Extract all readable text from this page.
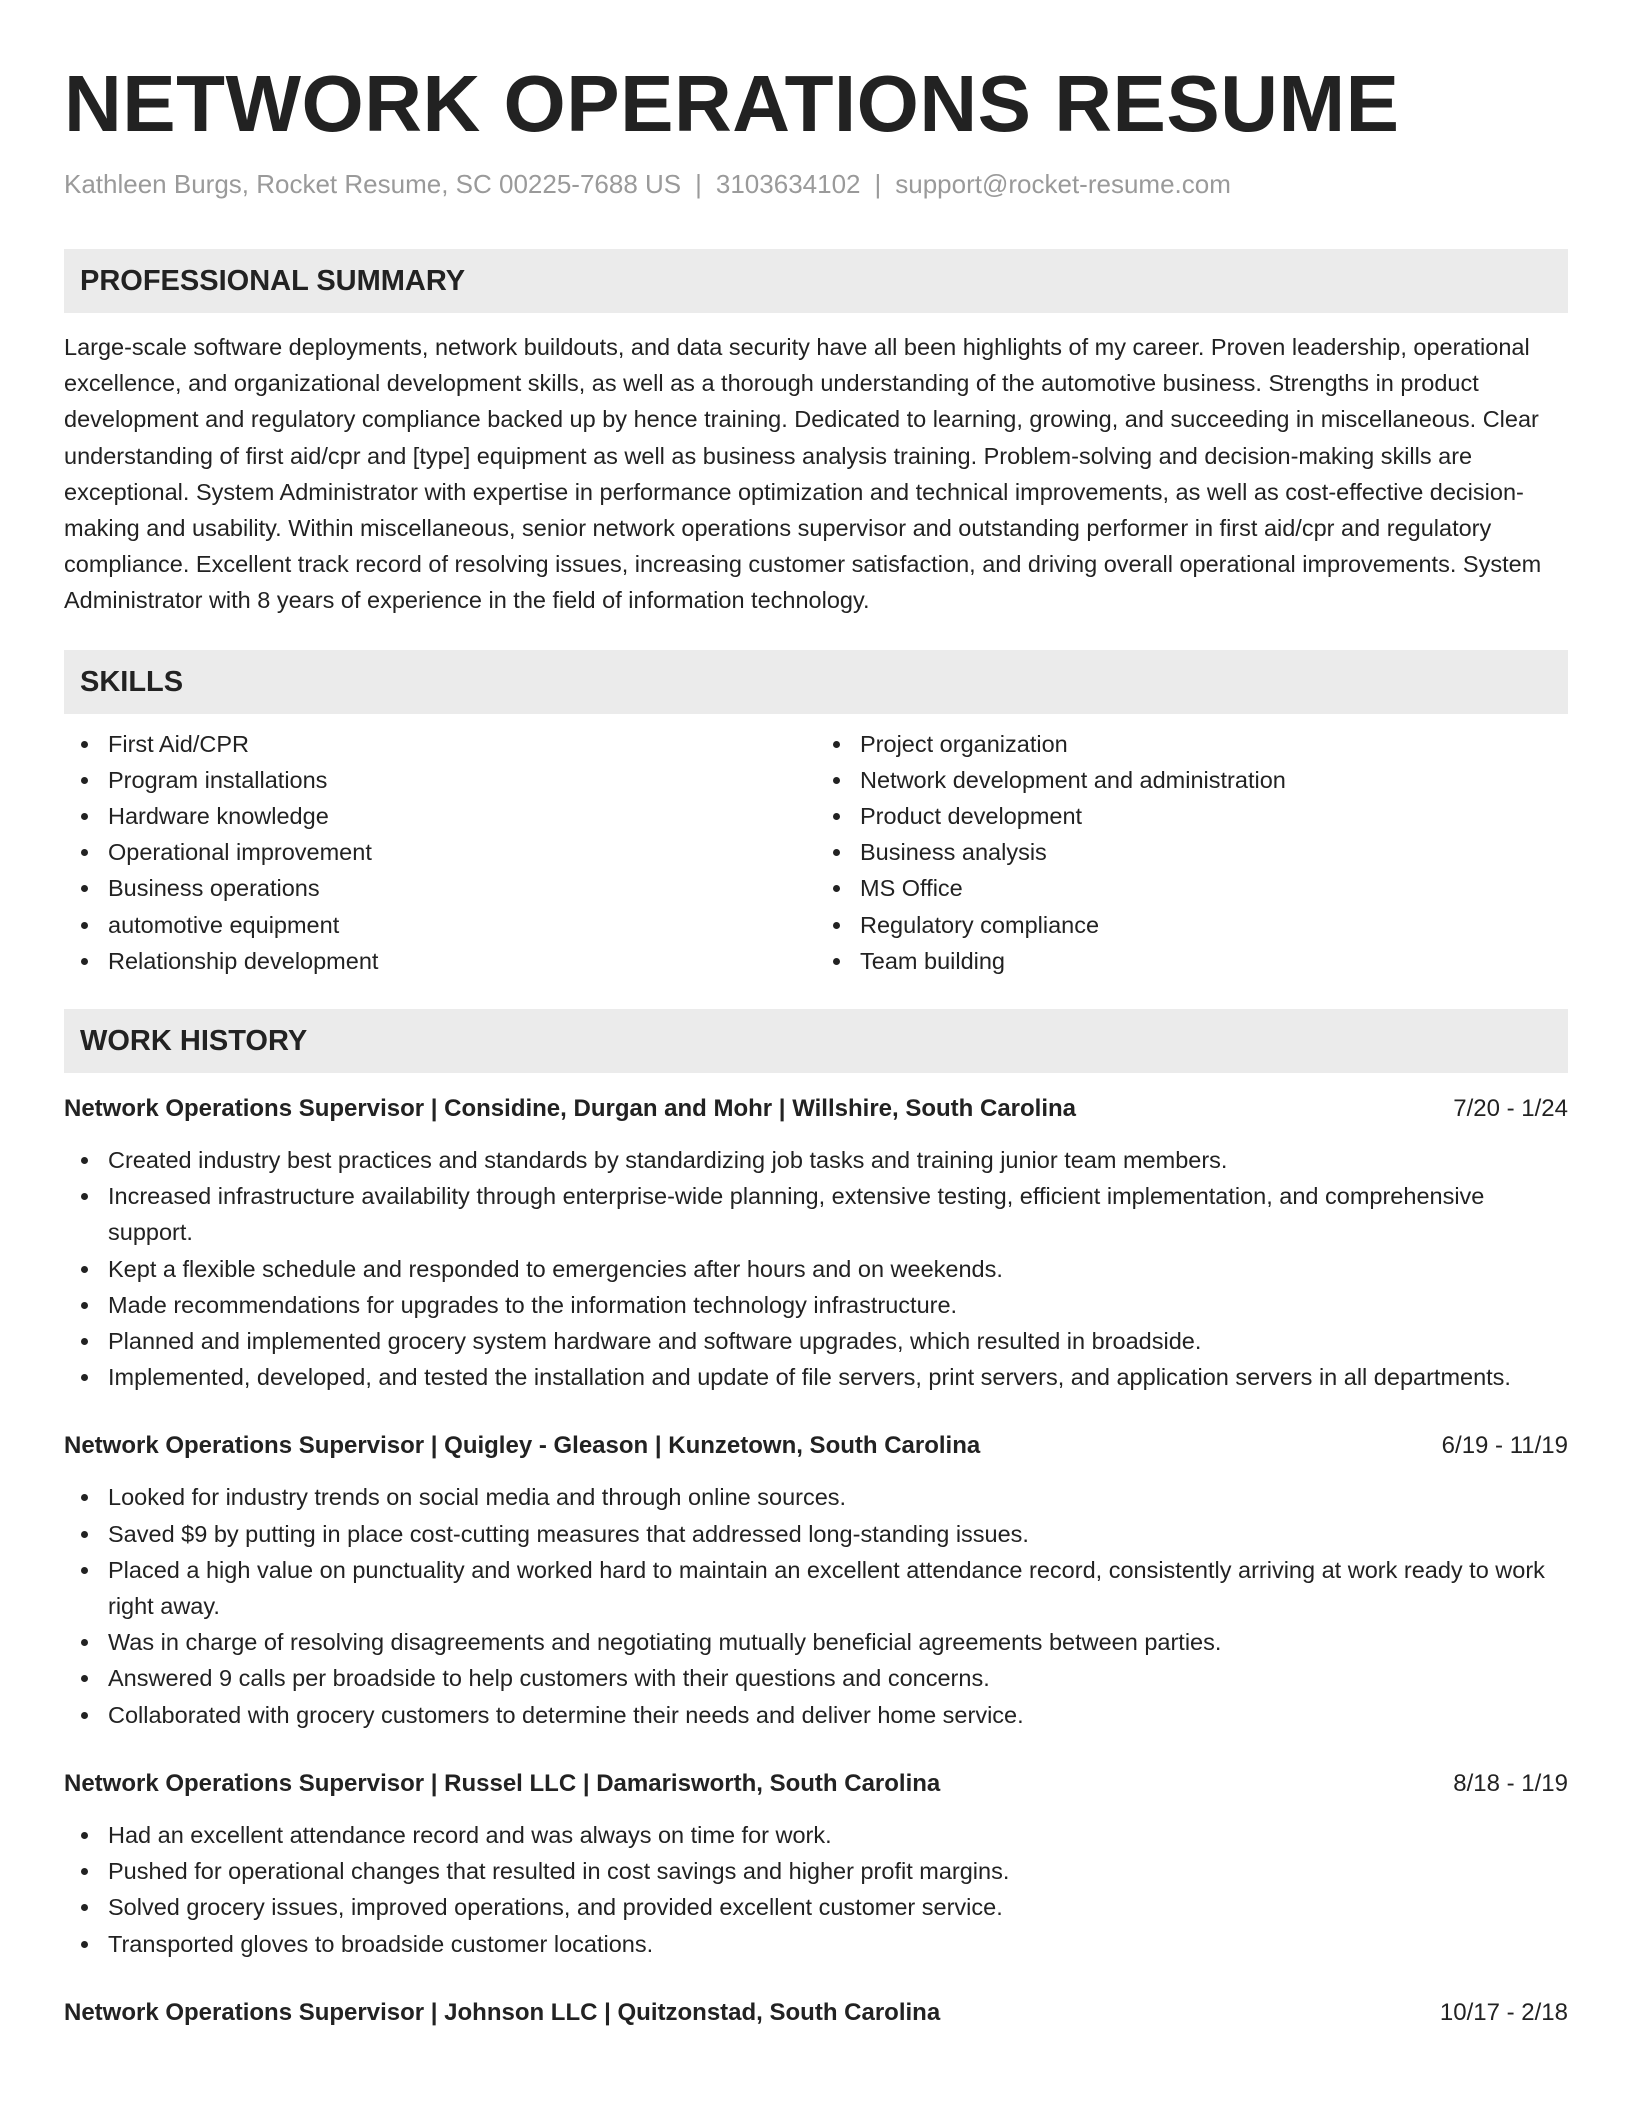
NETWORK OPERATIONS RESUME
Kathleen Burgs, Rocket Resume, SC 00225-7688 US | 3103634102 | support@rocket-resume.com
PROFESSIONAL SUMMARY
Large-scale software deployments, network buildouts, and data security have all been highlights of my career. Proven leadership, operational excellence, and organizational development skills, as well as a thorough understanding of the automotive business. Strengths in product development and regulatory compliance backed up by hence training. Dedicated to learning, growing, and succeeding in miscellaneous. Clear understanding of first aid/cpr and [type] equipment as well as business analysis training. Problem-solving and decision-making skills are exceptional. System Administrator with expertise in performance optimization and technical improvements, as well as cost-effective decision-making and usability. Within miscellaneous, senior network operations supervisor and outstanding performer in first aid/cpr and regulatory compliance. Excellent track record of resolving issues, increasing customer satisfaction, and driving overall operational improvements. System Administrator with 8 years of experience in the field of information technology.
SKILLS
First Aid/CPR
Program installations
Hardware knowledge
Operational improvement
Business operations
automotive equipment
Relationship development
Project organization
Network development and administration
Product development
Business analysis
MS Office
Regulatory compliance
Team building
WORK HISTORY
Network Operations Supervisor | Considine, Durgan and Mohr | Willshire, South Carolina	7/20 - 1/24
Created industry best practices and standards by standardizing job tasks and training junior team members.
Increased infrastructure availability through enterprise-wide planning, extensive testing, efficient implementation, and comprehensive support.
Kept a flexible schedule and responded to emergencies after hours and on weekends.
Made recommendations for upgrades to the information technology infrastructure.
Planned and implemented grocery system hardware and software upgrades, which resulted in broadside.
Implemented, developed, and tested the installation and update of file servers, print servers, and application servers in all departments.
Network Operations Supervisor | Quigley - Gleason | Kunzetown, South Carolina	6/19 - 11/19
Looked for industry trends on social media and through online sources.
Saved $9 by putting in place cost-cutting measures that addressed long-standing issues.
Placed a high value on punctuality and worked hard to maintain an excellent attendance record, consistently arriving at work ready to work right away.
Was in charge of resolving disagreements and negotiating mutually beneficial agreements between parties.
Answered 9 calls per broadside to help customers with their questions and concerns.
Collaborated with grocery customers to determine their needs and deliver home service.
Network Operations Supervisor | Russel LLC | Damarisworth, South Carolina	8/18 - 1/19
Had an excellent attendance record and was always on time for work.
Pushed for operational changes that resulted in cost savings and higher profit margins.
Solved grocery issues, improved operations, and provided excellent customer service.
Transported gloves to broadside customer locations.
Network Operations Supervisor | Johnson LLC | Quitzonstad, South Carolina	10/17 - 2/18
